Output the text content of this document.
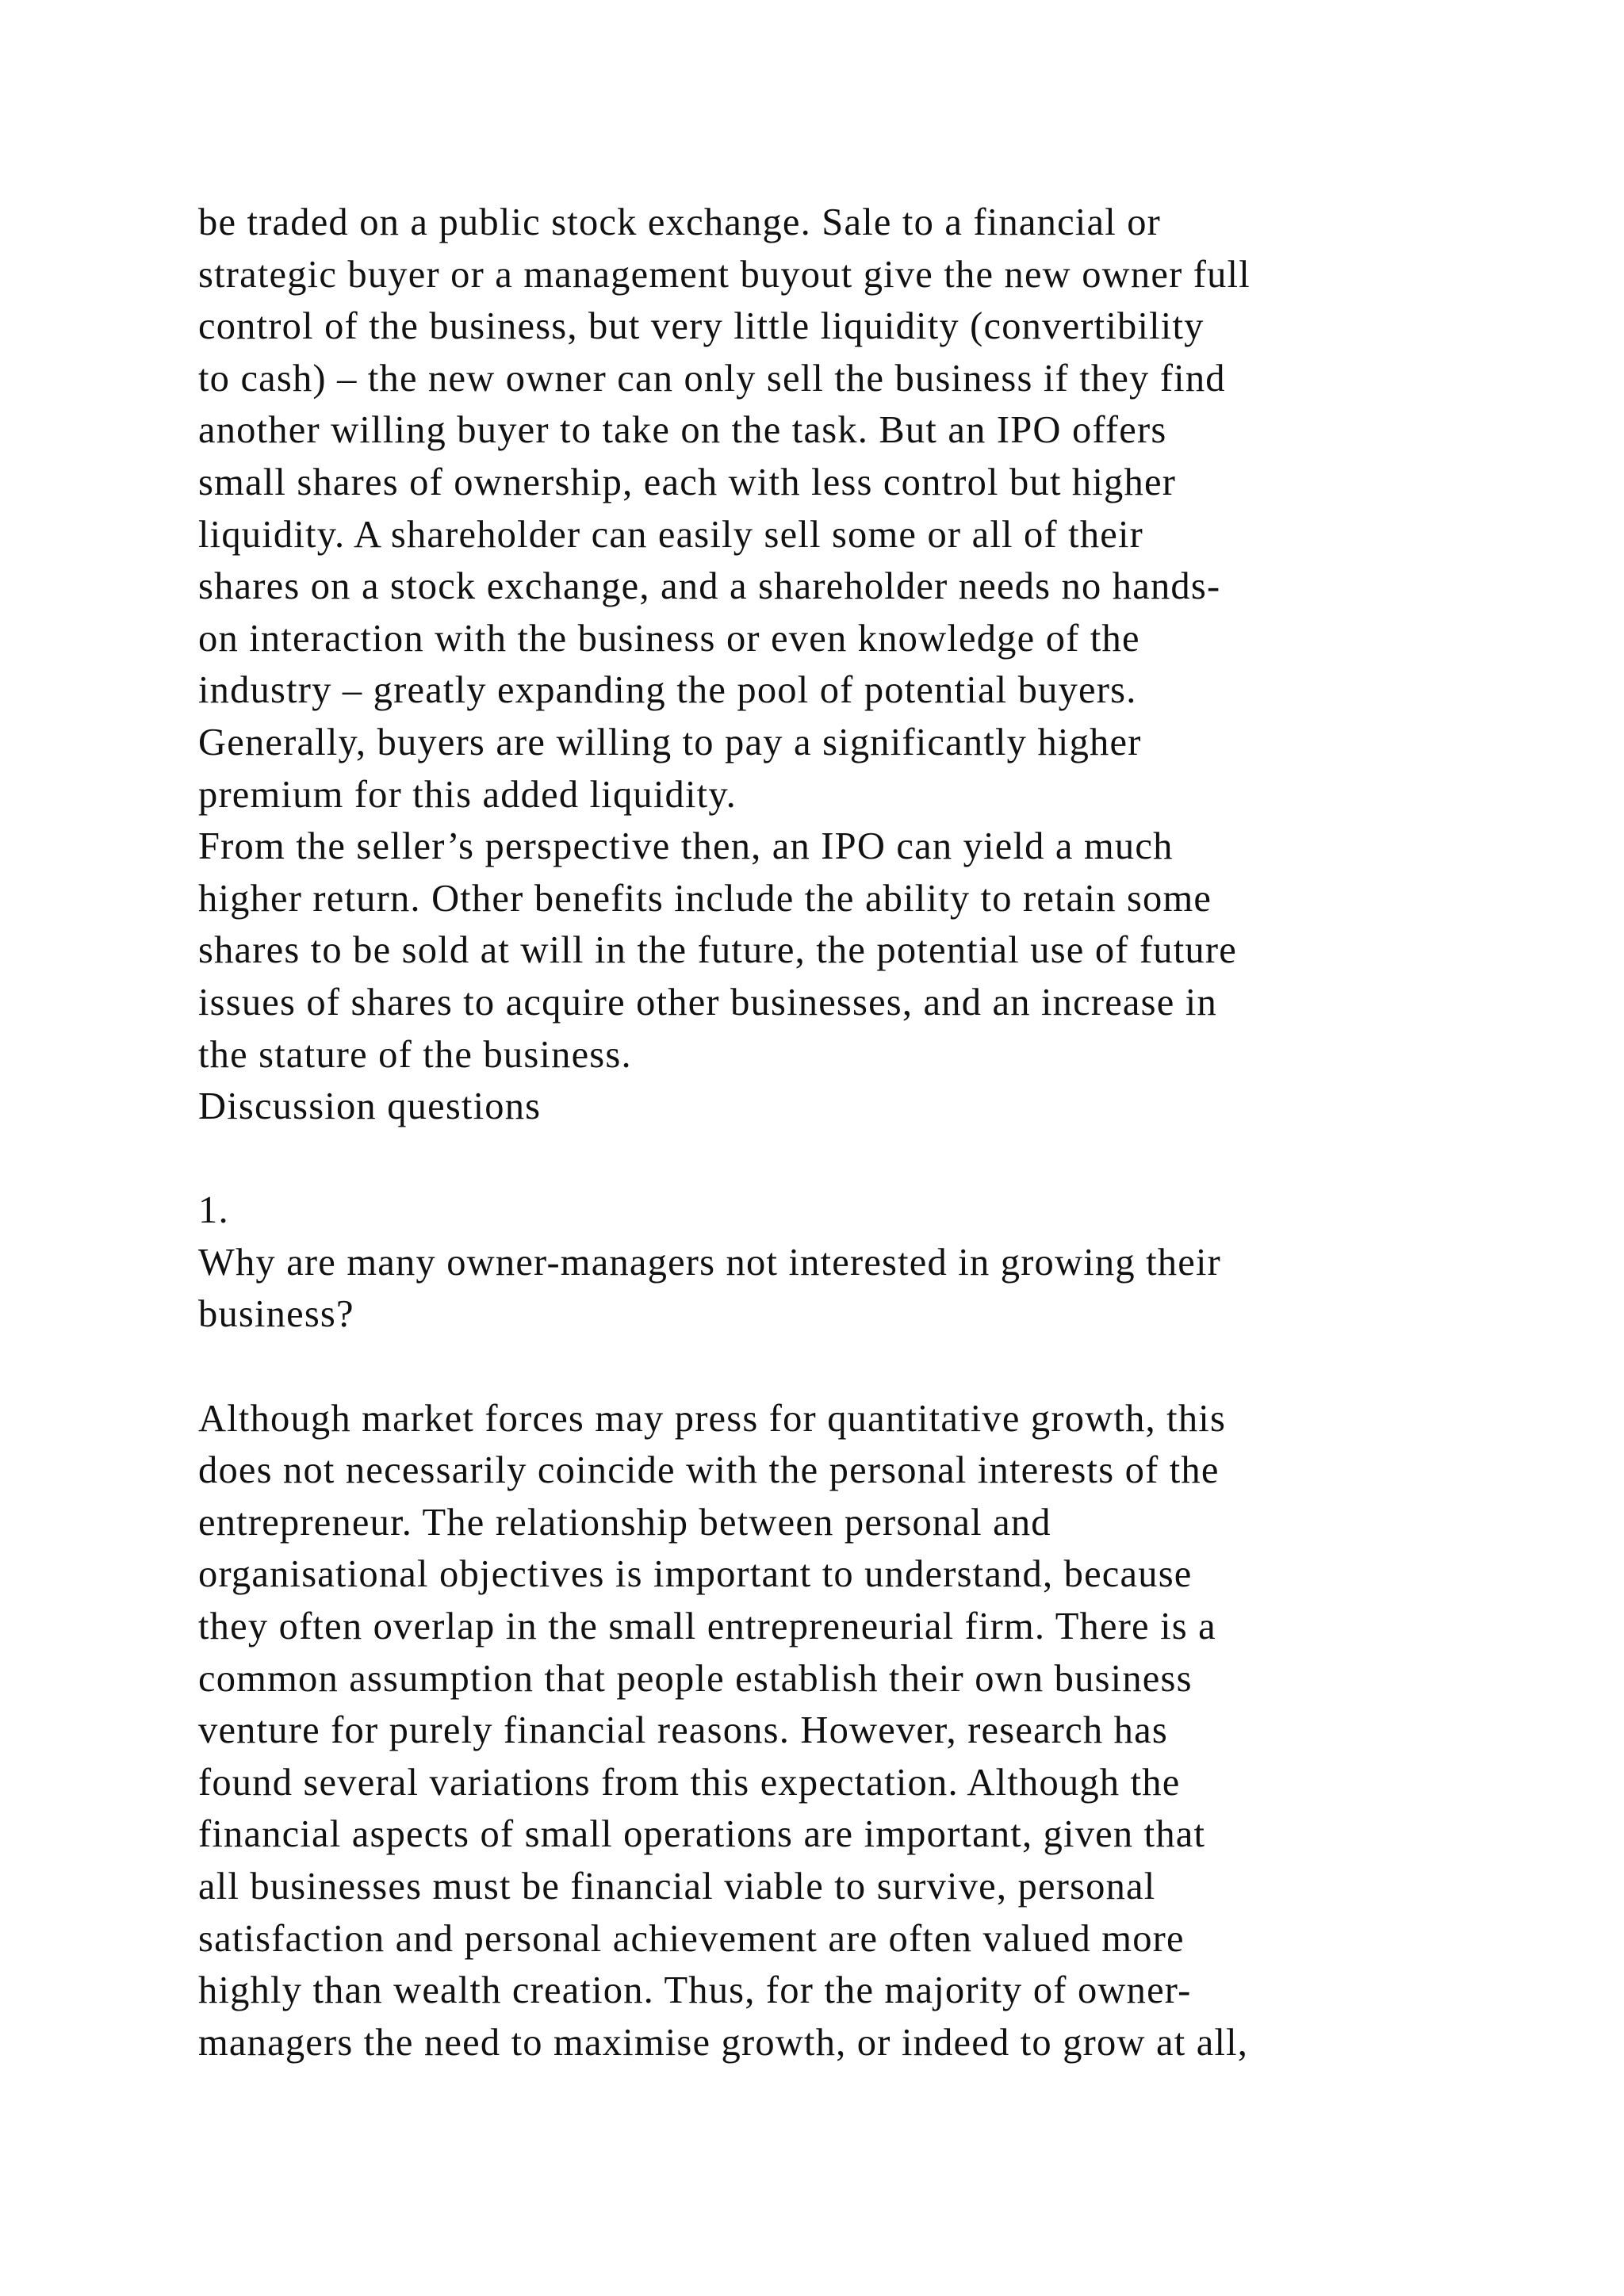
be traded on a public stock exchange. Sale to a financial or
strategic buyer or a management buyout give the new owner full
control of the business, but very little liquidity (convertibility
to cash) – the new owner can only sell the business if they find
another willing buyer to take on the task. But an IPO offers
small shares of ownership, each with less control but higher
liquidity. A shareholder can easily sell some or all of their
shares on a stock exchange, and a shareholder needs no hands-
on interaction with the business or even knowledge of the
industry – greatly expanding the pool of potential buyers.
Generally, buyers are willing to pay a significantly higher
premium for this added liquidity.
From the seller’s perspective then, an IPO can yield a much
higher return. Other benefits include the ability to retain some
shares to be sold at will in the future, the potential use of future
issues of shares to acquire other businesses, and an increase in
the stature of the business.
Discussion questions
1.
Why are many owner-managers not interested in growing their
business?
Although market forces may press for quantitative growth, this
does not necessarily coincide with the personal interests of the
entrepreneur. The relationship between personal and
organisational objectives is important to understand, because
they often overlap in the small entrepreneurial firm. There is a
common assumption that people establish their own business
venture for purely financial reasons. However, research has
found several variations from this expectation. Although the
financial aspects of small operations are important, given that
all businesses must be financial viable to survive, personal
satisfaction and personal achievement are often valued more
highly than wealth creation. Thus, for the majority of owner-
managers the need to maximise growth, or indeed to grow at all,
